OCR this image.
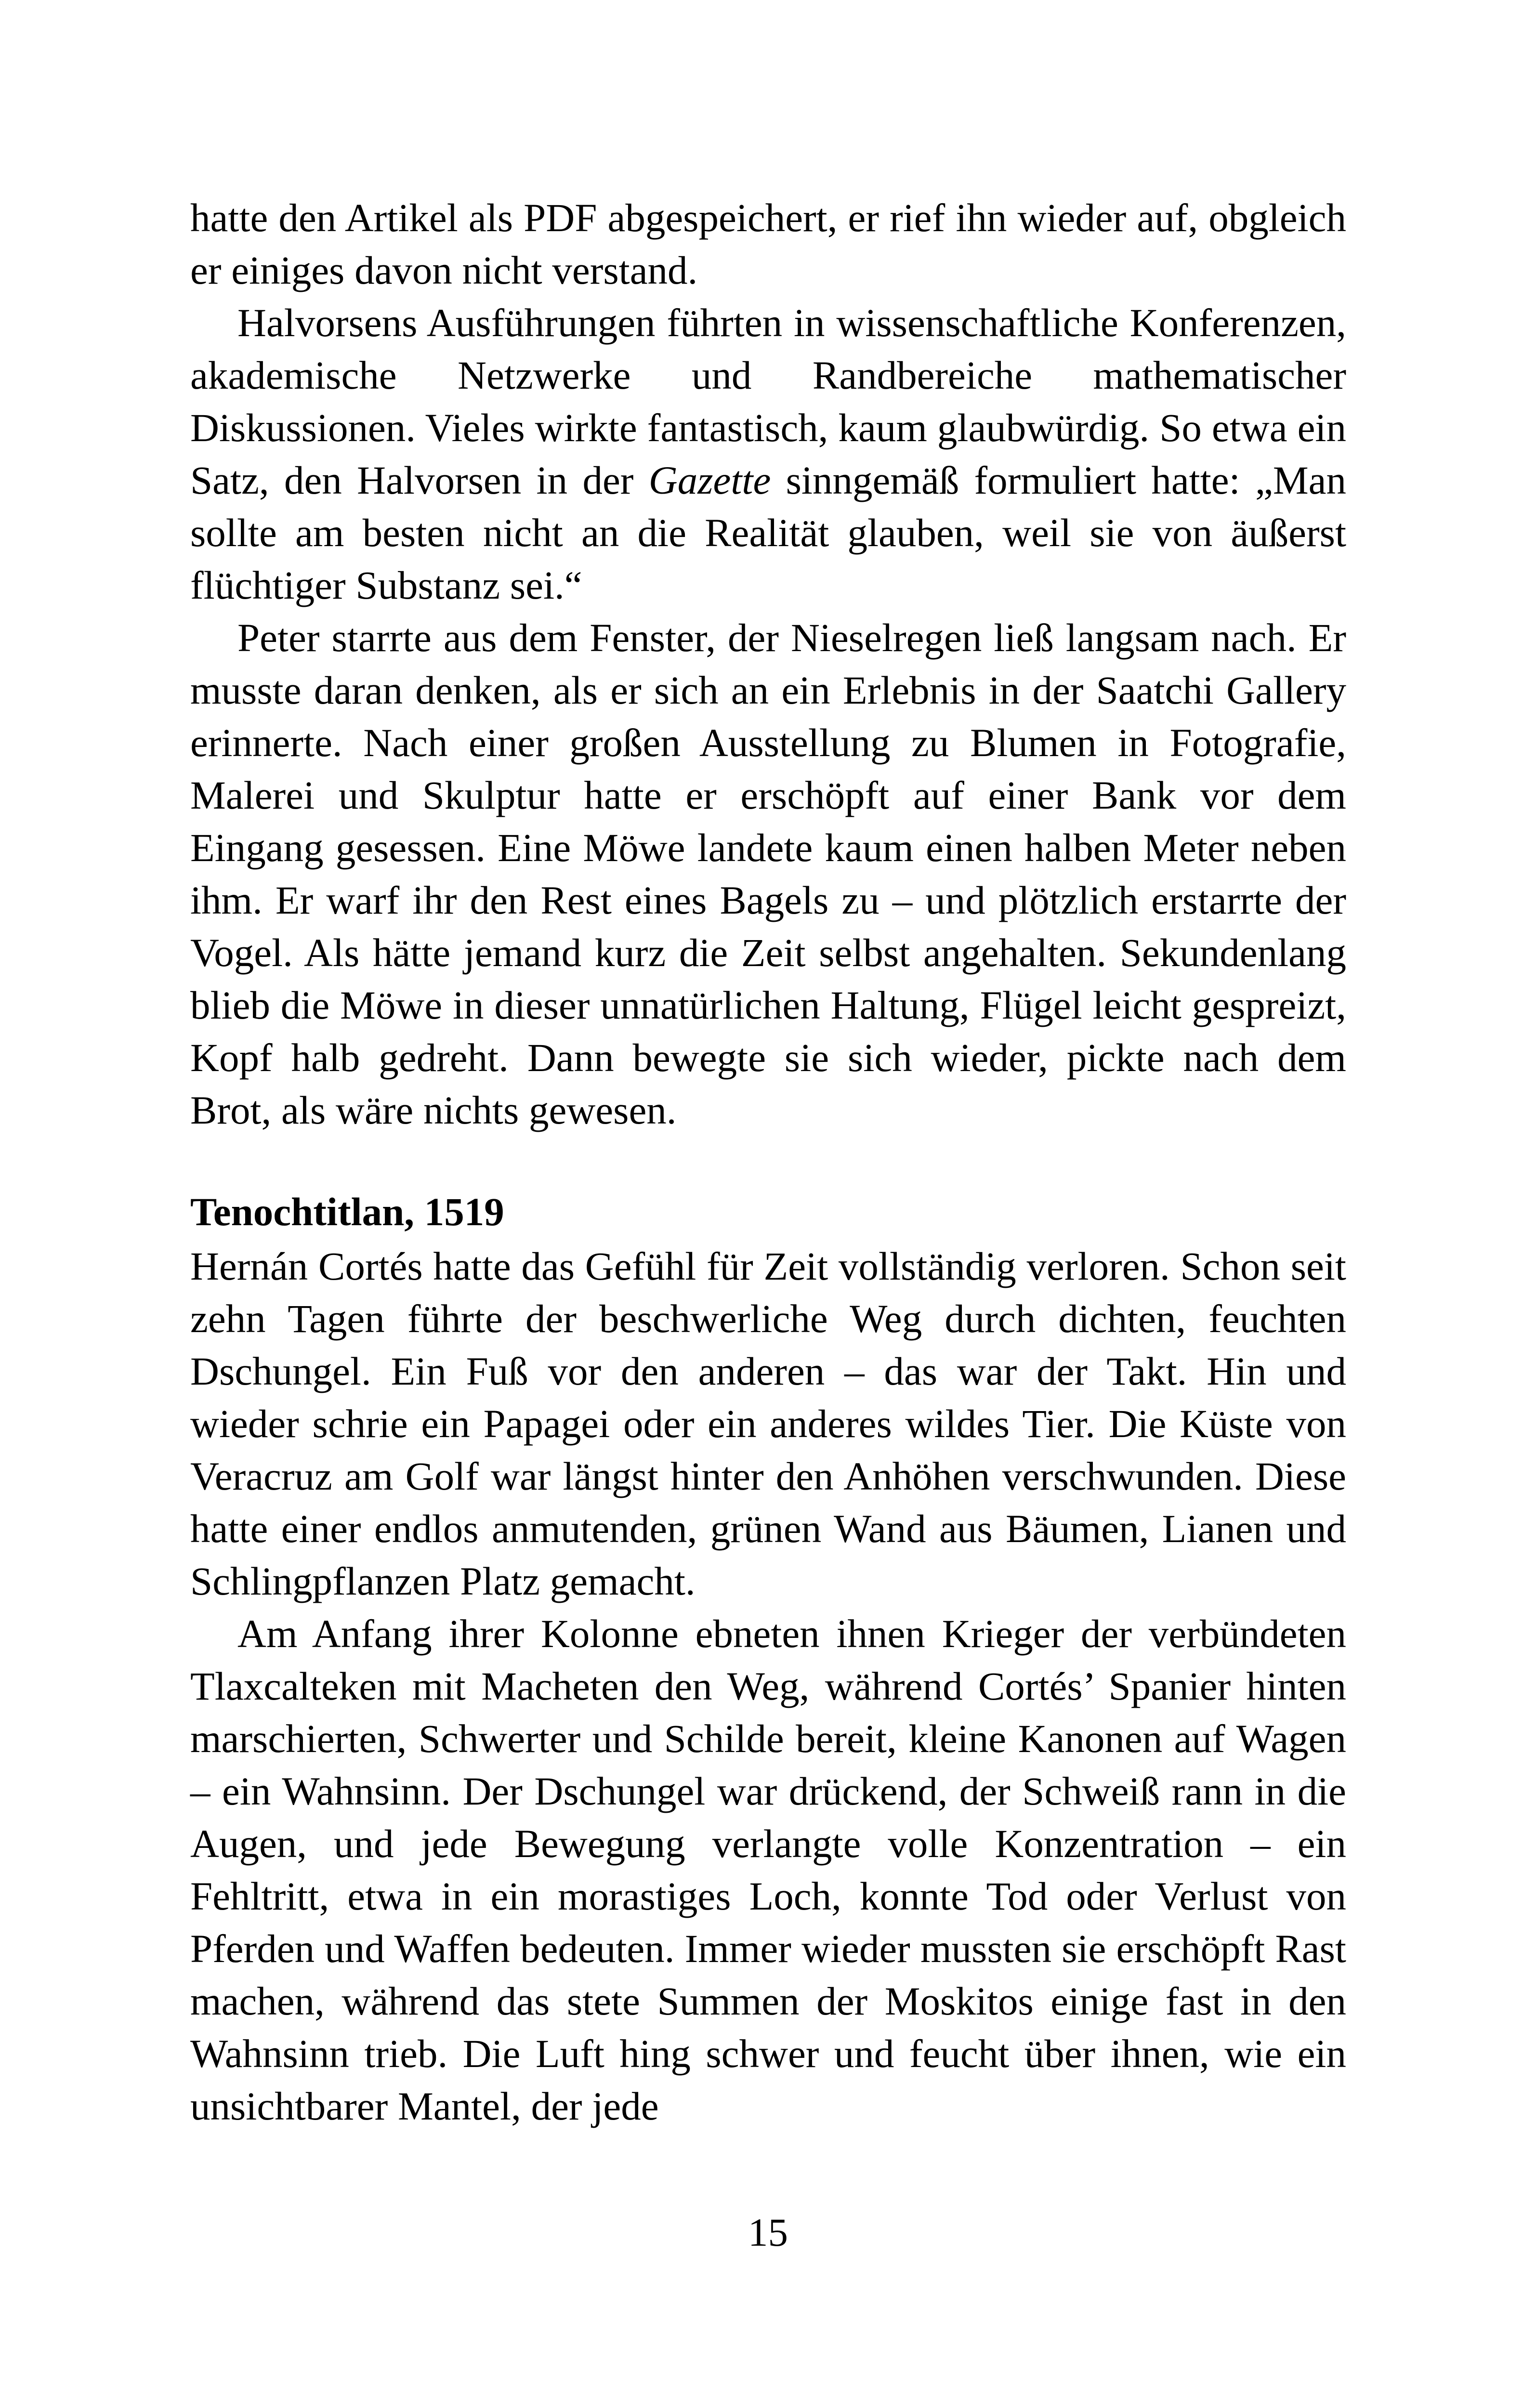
hatte den Artikel als PDF abgespeichert, er rief ihn wieder auf, obgleich er einiges davon nicht verstand.

Halvorsens Ausführungen führten in wissenschaftliche Konferenzen, akademische Netzwerke und Randbereiche mathematischer Diskussionen. Vieles wirkte fantastisch, kaum glaubwürdig. So etwa ein Satz, den Halvorsen in der Gazette sinngemäß formuliert hatte: „Man sollte am besten nicht an die Realität glauben, weil sie von äußerst flüchtiger Substanz sei.“

Peter starrte aus dem Fenster, der Nieselregen ließ langsam nach. Er musste daran denken, als er sich an ein Erlebnis in der Saatchi Gallery erinnerte. Nach einer großen Ausstellung zu Blumen in Fotografie, Malerei und Skulptur hatte er erschöpft auf einer Bank vor dem Eingang gesessen. Eine Möwe landete kaum einen halben Meter neben ihm. Er warf ihr den Rest eines Bagels zu – und plötzlich erstarrte der Vogel. Als hätte jemand kurz die Zeit selbst angehalten. Sekundenlang blieb die Möwe in dieser unnatürlichen Haltung, Flügel leicht gespreizt, Kopf halb gedreht. Dann bewegte sie sich wieder, pickte nach dem Brot, als wäre nichts gewesen.

Tenochtitlan, 1519

Hernán Cortés hatte das Gefühl für Zeit vollständig verloren. Schon seit zehn Tagen führte der beschwerliche Weg durch dichten, feuchten Dschungel. Ein Fuß vor den anderen – das war der Takt. Hin und wieder schrie ein Papagei oder ein anderes wildes Tier. Die Küste von Veracruz am Golf war längst hinter den Anhöhen verschwunden. Diese hatte einer endlos anmutenden, grünen Wand aus Bäumen, Lianen und Schlingpflanzen Platz gemacht.

Am Anfang ihrer Kolonne ebneten ihnen Krieger der verbündeten Tlaxcalteken mit Macheten den Weg, während Cortés’ Spanier hinten marschierten, Schwerter und Schilde bereit, kleine Kanonen auf Wagen – ein Wahnsinn. Der Dschungel war drückend, der Schweiß rann in die Augen, und jede Bewegung verlangte volle Konzentration – ein Fehltritt, etwa in ein morastiges Loch, konnte Tod oder Verlust von Pferden und Waffen bedeuten. Immer wieder mussten sie erschöpft Rast machen, während das stete Summen der Moskitos einige fast in den Wahnsinn trieb. Die Luft hing schwer und feucht über ihnen, wie ein unsichtbarer Mantel, der jede

15
